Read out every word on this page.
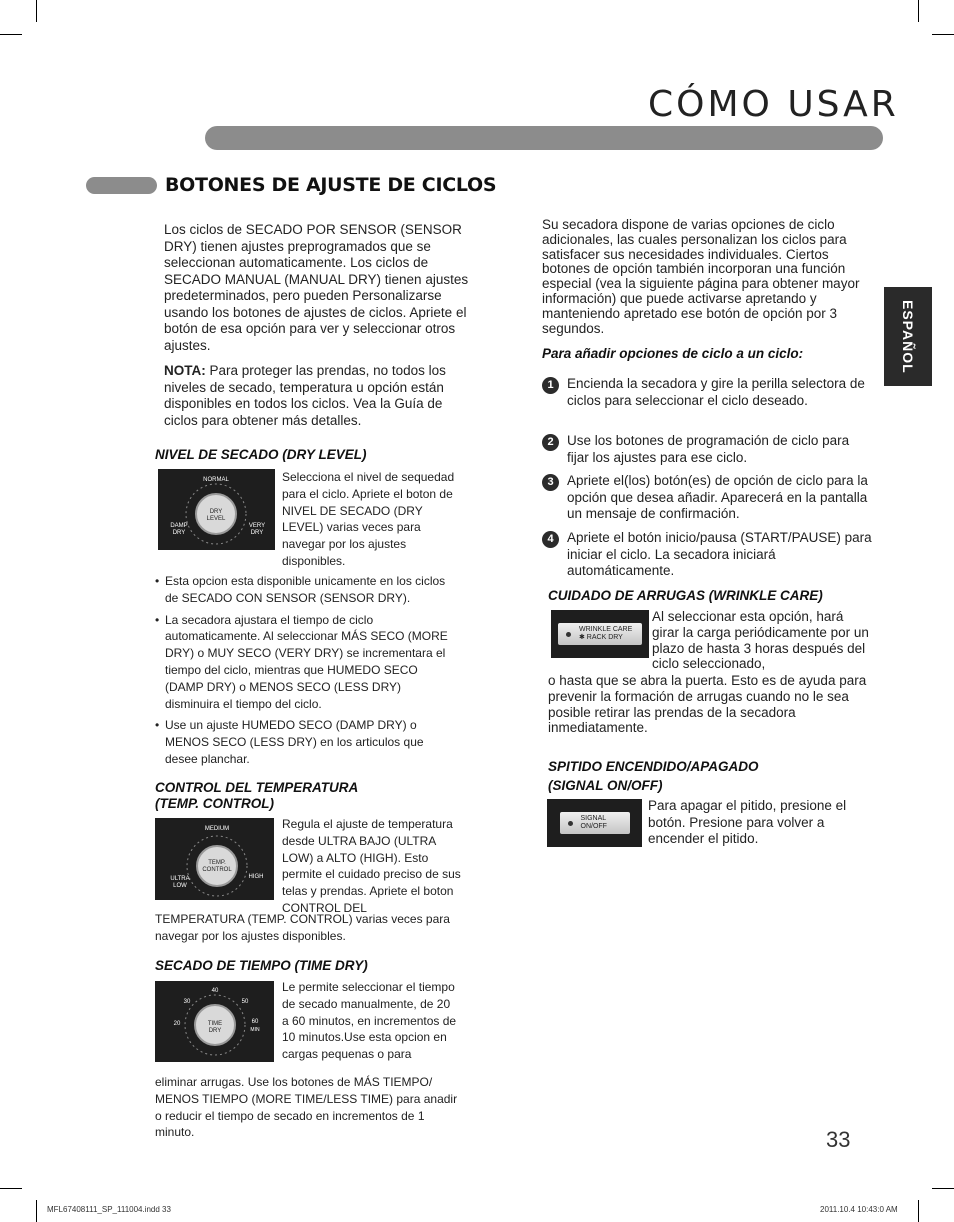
CÓMO USAR
BOTONES DE AJUSTE DE CICLOS
ESPAÑOL
Los ciclos de SECADO POR SENSOR (SENSOR DRY) tienen ajustes preprogramados que se seleccionan automaticamente. Los ciclos de SECADO MANUAL (MANUAL DRY) tienen ajustes predeterminados, pero pueden Personalizarse usando los botones de ajustes de ciclos. Apriete el botón de esa opción para ver y seleccionar otros ajustes.
NOTA: Para proteger las prendas, no todos los niveles de secado, temperatura u opción están disponibles en todos los ciclos. Vea la Guía de ciclos para obtener más detalles.
NIVEL DE SECADO (DRY LEVEL)
NORMAL
DRY LEVEL
DAMP DRY
VERY DRY
Selecciona el nivel de sequedad para el ciclo. Apriete el boton de NIVEL DE SECADO (DRY LEVEL) varias veces para navegar por los ajustes disponibles.
• Esta opcion esta disponible unicamente en los ciclos de SECADO CON SENSOR (SENSOR DRY).
• La secadora ajustara el tiempo de ciclo automaticamente. Al seleccionar MÁS SECO (MORE DRY) o MUY SECO (VERY DRY) se incrementara el tiempo del ciclo, mientras que HUMEDO SECO (DAMP DRY) o MENOS SECO (LESS DRY) disminuira el tiempo del ciclo.
• Use un ajuste HUMEDO SECO (DAMP DRY) o MENOS SECO (LESS DRY) en los articulos que desee planchar.
CONTROL DEL TEMPERATURA
(TEMP. CONTROL)
MEDIUM
TEMP. CONTROL
ULTRA LOW
HIGH
Regula el ajuste de temperatura desde ULTRA BAJO (ULTRA LOW) a ALTO (HIGH). Esto permite el cuidado preciso de sus telas y prendas. Apriete el boton CONTROL DEL
TEMPERATURA (TEMP. CONTROL) varias veces para navegar por los ajustes disponibles.
SECADO DE TIEMPO (TIME DRY)
40
30	50
20	60
MIN
TIME DRY
Le permite seleccionar el tiempo de secado manualmente, de 20 a 60 minutos, en incrementos de 10 minutos.Use esta opcion en cargas pequenas o para
eliminar arrugas. Use los botones de MÁS TIEMPO/ MENOS TIEMPO (MORE TIME/LESS TIME) para anadir o reducir el tiempo de secado en incrementos de 1 minuto.
Su secadora dispone de varias opciones de ciclo adicionales, las cuales personalizan los ciclos para satisfacer sus necesidades individuales. Ciertos botones de opción también incorporan una función especial (vea la siguiente página para obtener mayor información) que puede activarse apretando y manteniendo apretado ese botón de opción por 3 segundos.
Para añadir opciones de ciclo a un ciclo:
1 Encienda la secadora y gire la perilla selectora de ciclos para seleccionar el ciclo deseado.
2 Use los botones de programación de ciclo para fijar los ajustes para ese ciclo.
3 Apriete el(los) botón(es) de opción de ciclo para la opción que desea añadir. Aparecerá en la pantalla un mensaje de confirmación.
4 Apriete el botón inicio/pausa (START/PAUSE) para iniciar el ciclo. La secadora iniciará automáticamente.
CUIDADO DE ARRUGAS (WRINKLE CARE)
WRINKLE CARE
✱ RACK DRY
Al seleccionar esta opción, hará girar la carga periódicamente por un plazo de hasta 3 horas después del ciclo seleccionado,
o hasta que se abra la puerta. Esto es de ayuda para prevenir la formación de arrugas cuando no le sea posible retirar las prendas de la secadora inmediatamente.
SPITIDO ENCENDIDO/APAGADO
(SIGNAL ON/OFF)
SIGNAL
ON/OFF
Para apagar el pitido, presione el botón. Presione para volver a encender el pitido.
33
MFL67408111_SP_111004.indd 33	2011.10.4 10:43:0 AM
